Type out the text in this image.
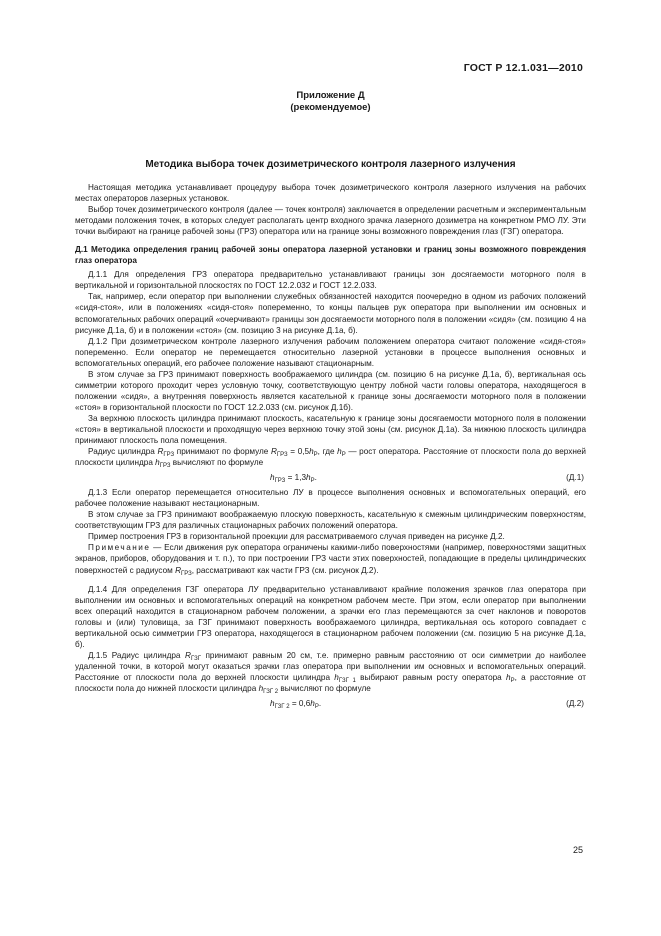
ГОСТ Р 12.1.031—2010
Приложение Д
(рекомендуемое)
Методика выбора точек дозиметрического контроля лазерного излучения

Настоящая методика устанавливает процедуру выбора точек дозиметрического контроля лазерного излучения на рабочих местах операторов лазерных установок.

Выбор точек дозиметрического контроля (далее — точек контроля) заключается в определении расчетным и экспериментальным методами положения точек, в которых следует располагать центр входного зрачка лазерного дозиметра на конкретном РМО ЛУ. Эти точки выбирают на границе рабочей зоны (ГРЗ) оператора или на границе зоны возможного повреждения глаз (ГЗГ) оператора.

Д.1 Методика определения границ рабочей зоны оператора лазерной установки и границ зоны возможного повреждения глаз оператора

Д.1.1 Для определения ГРЗ оператора предварительно устанавливают границы зон досягаемости моторного поля в вертикальной и горизонтальной плоскостях по ГОСТ 12.2.032 и ГОСТ 12.2.033.

Так, например, если оператор при выполнении служебных обязанностей находится поочередно в одном из рабочих положений «сидя-стоя», или в положениях «сидя-стоя» попеременно, то концы пальцев рук оператора при выполнении им основных и вспомогательных рабочих операций «очерчивают» границы зон досягаемости моторного поля в положении «сидя» (см. позицию 4 на рисунке Д.1а, б) и в положении «стоя» (см. позицию 3 на рисунке Д.1а, б).

Д.1.2 При дозиметрическом контроле лазерного излучения рабочим положением оператора считают положение «сидя-стоя» попеременно. Если оператор не перемещается относительно лазерной установки в процессе выполнения основных и вспомогательных операций, его рабочее положение называют стационарным.

В этом случае за ГРЗ принимают поверхность воображаемого цилиндра (см. позицию 6 на рисунке Д.1а, б), вертикальная ось симметрии которого проходит через условную точку, соответствующую центру лобной части головы оператора, находящегося в положении «сидя», а внутренняя поверхность является касательной к границе зоны досягаемости моторного поля в положении «стоя» в горизонтальной плоскости по ГОСТ 12.2.033 (см. рисунок Д.1б).

За верхнюю плоскость цилиндра принимают плоскость, касательную к границе зоны досягаемости моторного поля в положении «стоя» в вертикальной плоскости и проходящую через верхнюю точку этой зоны (см. рисунок Д.1а). За нижнюю плоскость цилиндра принимают плоскость пола помещения.

Радиус цилиндра $R_{ГРЗ}$ принимают по формуле $R_{ГРЗ} = 0,5h_Р$, где $h_Р$ — рост оператора. Расстояние от плоскости пола до верхней плоскости цилиндра $h_{ГРЗ}$ вычисляют по формуле

$h_{ГРЗ} = 1,3h_Р$.	(Д.1)

Д.1.3 Если оператор перемещается относительно ЛУ в процессе выполнения основных и вспомогательных операций, его рабочее положение называют нестационарным.

В этом случае за ГРЗ принимают воображаемую плоскую поверхность, касательную к смежным цилиндрическим поверхностям, соответствующим ГРЗ для различных стационарных рабочих положений оператора.

Пример построения ГРЗ в горизонтальной проекции для рассматриваемого случая приведен на рисунке Д.2.

Примечание — Если движения рук оператора ограничены какими-либо поверхностями (например, поверхностями защитных экранов, приборов, оборудования и т. п.), то при построении ГРЗ части этих поверхностей, попадающие в пределы цилиндрических поверхностей с радиусом $R_{ГРЗ}$, рассматривают как части ГРЗ (см. рисунок Д.2).

Д.1.4 Для определения ГЗГ оператора ЛУ предварительно устанавливают крайние положения зрачков глаз оператора при выполнении им основных и вспомогательных операций на конкретном рабочем месте. При этом, если оператор при выполнении всех операций находится в стационарном рабочем положении, а зрачки его глаз перемещаются за счет наклонов и поворотов головы и (или) туловища, за ГЗГ принимают поверхность воображаемого цилиндра, вертикальная ось которого совпадает с вертикальной осью симметрии ГРЗ оператора, находящегося в стационарном рабочем положении (см. позицию 5 на рисунке Д.1а, б).

Д.1.5 Радиус цилиндра $R_{ГЗГ}$ принимают равным 20 см, т.е. примерно равным расстоянию от оси симметрии до наиболее удаленной точки, в которой могут оказаться зрачки глаз оператора при выполнении им основных и вспомогательных операций. Расстояние от плоскости пола до верхней плоскости цилиндра $h_{ГЗГ 1}$ выбирают равным росту оператора $h_Р$, а расстояние от плоскости пола до нижней плоскости цилиндра $h_{ГЗГ 2}$ вычисляют по формуле

$h_{ГЗГ 2} = 0,6h_Р$.	(Д.2)
25
